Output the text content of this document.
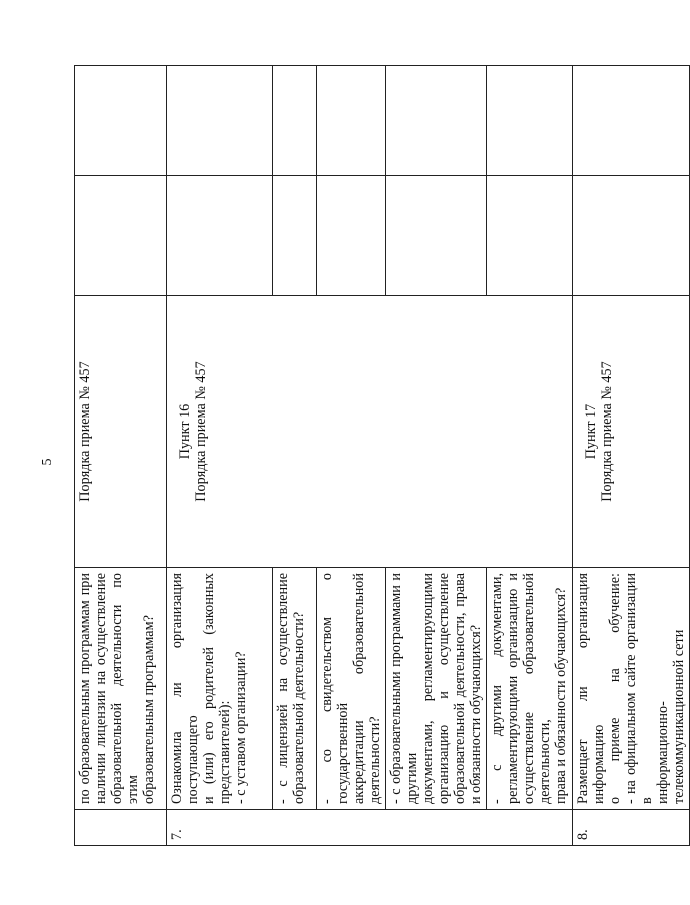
5

	по образовательным программам при наличии лицензии на осуществление образовательной деятельности по этим образовательным программам?	Порядка приема № 457		

7.	Ознакомила ли организация поступающего и (или) его родителей (законных представителей): - с уставом организации?	Пункт 16 Порядка приема № 457		

	- с лицензией на осуществление образовательной деятельности?			

	- со свидетельством о государственной аккредитации образовательной деятельности?			

	- с образовательными программами и другими документами, регламентирующими организацию и осуществление образовательной деятельности, права и обязанности обучающихся?			

	- с другими документами, регламентирующими организацию и осуществление образовательной деятельности, права и обязанности обучающихся?			

8.	Размещает ли организация информацию о приеме на обучение: - на официальном сайте организации в информационно-телекоммуникационной сети	Пункт 17 Порядка приема № 457		
